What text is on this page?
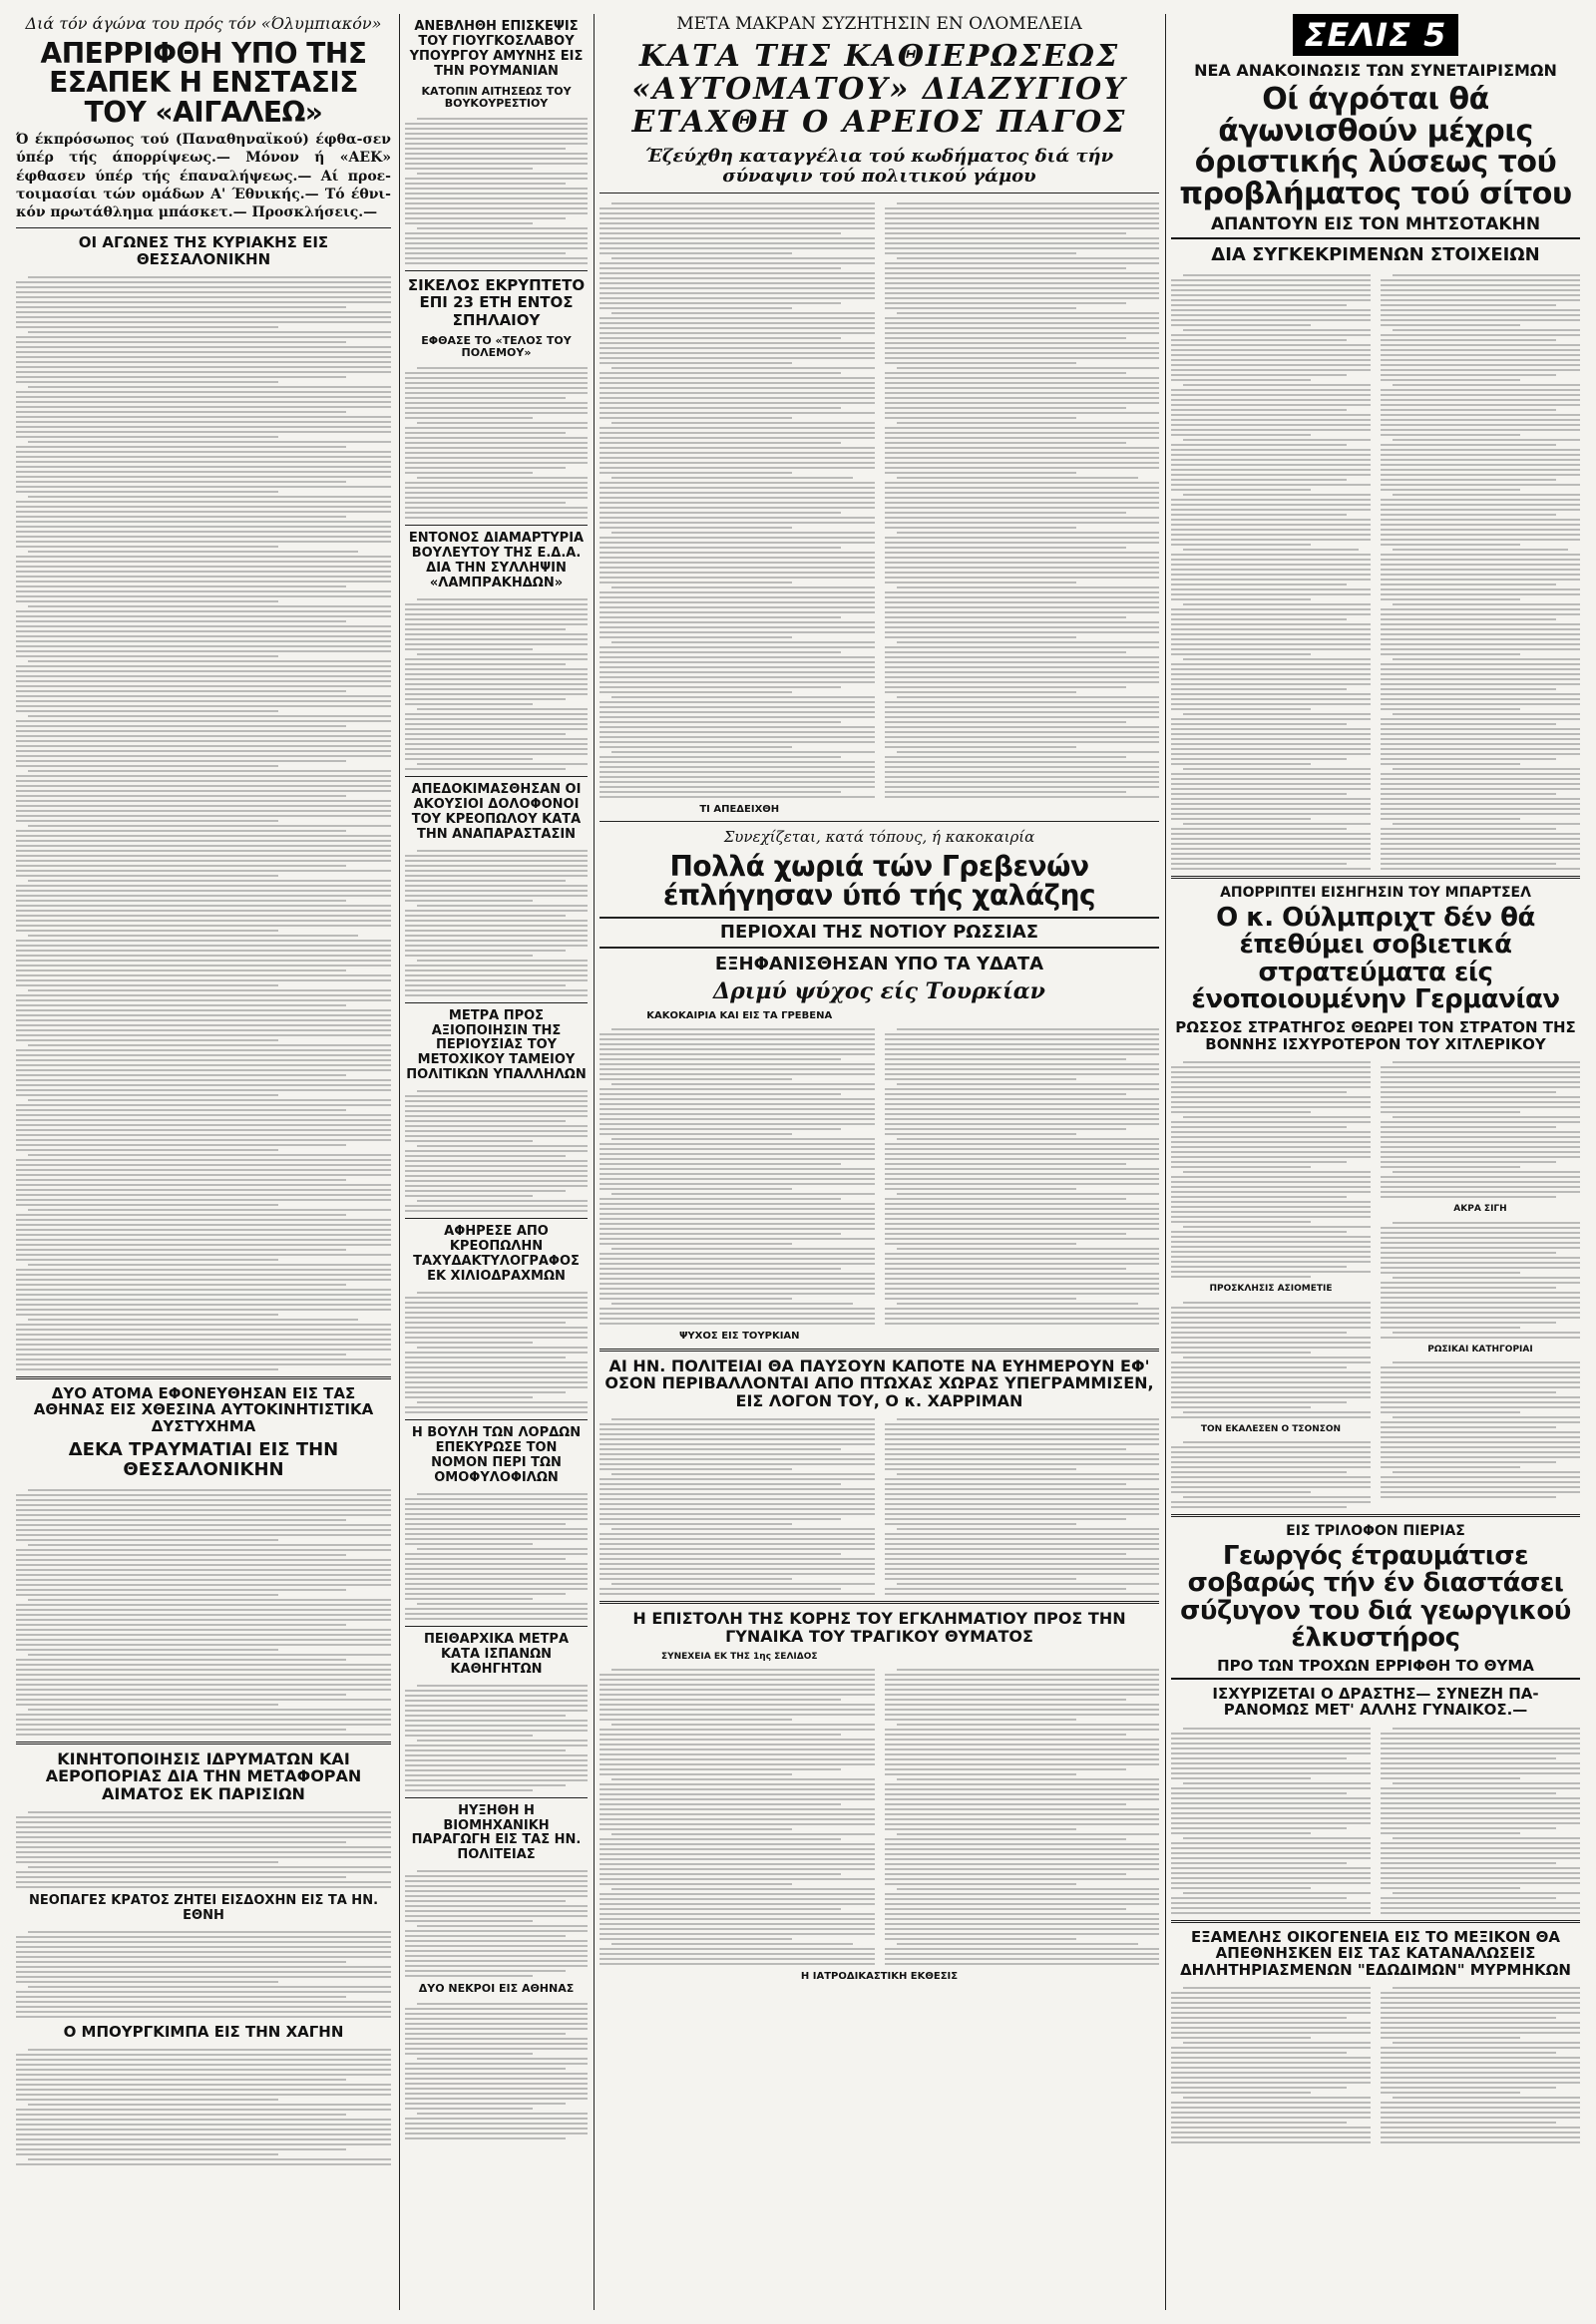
Διά τόν άγώνα του πρός τόν «Όλυμπιακόν»
ΑΠΕΡΡΙΦΘΗ ΥΠΟ ΤΗΣ ΕΣΑΠΕΚ Η ΕΝΣΤΑΣΙΣ ΤΟΥ «ΑΙΓΑΛΕΩ»
Ό έκπρόσωπος τού (Παναθηναϊκού) έφθα-σεν ύπέρ τής άπορρίψεως.— Μόνον ή «ΑΕΚ» έφθασεν ύπέρ τής έπαναλήψεως.— Αί προε-τοιμασίαι τών ομάδων Α' Έθνικής.— Τό έθνι-κόν πρωτάθλημα μπάσκετ.— Προσκλήσεις.—
ΟΙ ΑΓΩΝΕΣ ΤΗΣ ΚΥΡΙΑΚΗΣ ΕΙΣ ΘΕΣΣΑΛΟΝΙΚΗΝ
ΔΥΟ ΑΤΟΜΑ ΕΦΟΝΕΥΘΗΣΑΝ ΕΙΣ ΤΑΣ ΑΘΗΝΑΣ ΕΙΣ ΧΘΕΣΙΝΑ ΑΥΤΟΚΙΝΗΤΙΣΤΙΚΑ ΔΥΣΤΥΧΗΜΑ
ΔΕΚΑ ΤΡΑΥΜΑΤΙΑΙ ΕΙΣ ΤΗΝ ΘΕΣΣΑΛΟΝΙΚΗΝ
ΚΙΝΗΤΟΠΟΙΗΣΙΣ ΙΔΡΥΜΑΤΩΝ ΚΑΙ ΑΕΡΟΠΟΡΙΑΣ ΔΙΑ ΤΗΝ ΜΕΤΑΦΟΡΑΝ ΑΙΜΑΤΟΣ ΕΚ ΠΑΡΙΣΙΩΝ
ΝΕΟΠΑΓΕΣ ΚΡΑΤΟΣ ΖΗΤΕΙ ΕΙΣΔΟΧΗΝ ΕΙΣ ΤΑ ΗΝ. ΕΘΝΗ
Ο ΜΠΟΥΡΓΚΙΜΠΑ ΕΙΣ ΤΗΝ ΧΑΓΗΝ
ΑΝΕΒΛΗΘΗ ΕΠΙΣΚΕΨΙΣ ΤΟΥ ΓΙΟΥΓΚΟΣΛΑΒΟΥ ΥΠΟΥΡΓΟΥ ΑΜΥΝΗΣ ΕΙΣ ΤΗΝ ΡΟΥΜΑΝΙΑΝ
ΚΑΤΟΠΙΝ ΑΙΤΗΣΕΩΣ ΤΟΥ ΒΟΥΚΟΥΡΕΣΤΙΟΥ
ΣΙΚΕΛΟΣ ΕΚΡΥΠΤΕΤΟ ΕΠΙ 23 ΕΤΗ ΕΝΤΟΣ ΣΠΗΛΑΙΟΥ
ΕΦΘΑΣΕ ΤΟ «ΤΕΛΟΣ ΤΟΥ ΠΟΛΕΜΟΥ»
ΕΝΤΟΝΟΣ ΔΙΑΜΑΡΤΥΡΙΑ ΒΟΥΛΕΥΤΟΥ ΤΗΣ Ε.Δ.Α. ΔΙΑ ΤΗΝ ΣΥΛΛΗΨΙΝ «ΛΑΜΠΡΑΚΗΔΩΝ»
ΑΠΕΔΟΚΙΜΑΣΘΗΣΑΝ ΟΙ ΑΚΟΥΣΙΟΙ ΔΟΛΟΦΟΝΟΙ ΤΟΥ ΚΡΕΟΠΩΛΟΥ ΚΑΤΑ ΤΗΝ ΑΝΑΠΑΡΑΣΤΑΣΙΝ
ΜΕΤΡΑ ΠΡΟΣ ΑΞΙΟΠΟΙΗΣΙΝ ΤΗΣ ΠΕΡΙΟΥΣΙΑΣ ΤΟΥ ΜΕΤΟΧΙΚΟΥ ΤΑΜΕΙΟΥ ΠΟΛΙΤΙΚΩΝ ΥΠΑΛΛΗΛΩΝ
ΑΦΗΡΕΣΕ ΑΠΟ ΚΡΕΟΠΩΛΗΝ ΤΑΧΥΔΑΚΤΥΛΟΓΡΑΦΟΣ ΕΚ ΧΙΛΙΟΔΡΑΧΜΩΝ
Η ΒΟΥΛΗ ΤΩΝ ΛΟΡΔΩΝ ΕΠΕΚΥΡΩΣΕ ΤΟΝ ΝΟΜΟΝ ΠΕΡΙ ΤΩΝ ΟΜΟΦΥΛΟΦΙΛΩΝ
ΠΕΙΘΑΡΧΙΚΑ ΜΕΤΡΑ ΚΑΤΑ ΙΣΠΑΝΩΝ ΚΑΘΗΓΗΤΩΝ
ΗΥΞΗΘΗ Η ΒΙΟΜΗΧΑΝΙΚΗ ΠΑΡΑΓΩΓΗ ΕΙΣ ΤΑΣ ΗΝ. ΠΟΛΙΤΕΙΑΣ
ΔΥΟ ΝΕΚΡΟΙ ΕΙΣ ΑΘΗΝΑΣ
ΜΕΤΑ ΜΑΚΡΑΝ ΣΥΖΗΤΗΣΙΝ ΕΝ ΟΛΟΜΕΛΕΙΑ
ΚΑΤΑ ΤΗΣ ΚΑΘΙΕΡΩΣΕΩΣ «ΑΥΤΟΜΑΤΟΥ» ΔΙΑΖΥΓΙΟΥ ΕΤΑΧΘΗ Ο ΑΡΕΙΟΣ ΠΑΓΟΣ
Έζεύχθη καταγγέλια τού κωδήματος διά τήν σύναψιν τού πολιτικού γάμου
ΤΙ ΑΠΕΔΕΙΧΘΗ
Συνεχίζεται, κατά τόπους, ή κακοκαιρία
Πολλά χωριά τών Γρεβενών έπλήγησαν ύπό τής χαλάζης
ΠΕΡΙΟΧΑΙ ΤΗΣ ΝΟΤΙΟΥ ΡΩΣΣΙΑΣ
ΕΞΗΦΑΝΙΣΘΗΣΑΝ ΥΠΟ ΤΑ ΥΔΑΤΑ
Δριμύ ψύχος είς Τουρκίαν
ΚΑΚΟΚΑΙΡΙΑ ΚΑΙ ΕΙΣ ΤΑ ΓΡΕΒΕΝΑ
ΨΥΧΟΣ ΕΙΣ ΤΟΥΡΚΙΑΝ
ΑΙ ΗΝ. ΠΟΛΙΤΕΙΑΙ ΘΑ ΠΑΥΣΟΥΝ ΚΑΠΟΤΕ ΝΑ ΕΥΗΜΕΡΟΥΝ ΕΦ' ΟΣΟΝ ΠΕΡΙΒΑΛΛΟΝΤΑΙ ΑΠΟ ΠΤΩΧΑΣ ΧΩΡΑΣ ΥΠΕΓΡΑΜΜΙΣΕΝ, ΕΙΣ ΛΟΓΟΝ ΤΟΥ, Ο κ. ΧΑΡΡΙΜΑΝ
Η ΕΠΙΣΤΟΛΗ ΤΗΣ ΚΟΡΗΣ ΤΟΥ ΕΓΚΛΗΜΑΤΙΟΥ ΠΡΟΣ ΤΗΝ ΓΥΝΑΙΚΑ ΤΟΥ ΤΡΑΓΙΚΟΥ ΘΥΜΑΤΟΣ
ΣΥΝΕΧΕΙΑ ΕΚ ΤΗΣ 1ης ΣΕΛΙΔΟΣ
Η ΙΑΤΡΟΔΙΚΑΣΤΙΚΗ ΕΚΘΕΣΙΣ
ΣΕΛΙΣ 5
ΝΕΑ ΑΝΑΚΟΙΝΩΣΙΣ ΤΩΝ ΣΥΝΕΤΑΙΡΙΣΜΩΝ
Οί άγρόται θά άγωνισθούν μέχρις όριστικής λύσεως τού προβλήματος τού σίτου
ΑΠΑΝΤΟΥΝ ΕΙΣ ΤΟΝ ΜΗΤΣΟΤΑΚΗΝ
ΔΙΑ ΣΥΓΚΕΚΡΙΜΕΝΩΝ ΣΤΟΙΧΕΙΩΝ
ΑΠΟΡΡΙΠΤΕΙ ΕΙΣΗΓΗΣΙΝ ΤΟΥ ΜΠΑΡΤΣΕΛ
Ο κ. Ούλμπριχτ δέν θά έπεθύμει σοβιετικά στρατεύματα είς ένοποιουμένην Γερμανίαν
ΡΩΣΣΟΣ ΣΤΡΑΤΗΓΟΣ ΘΕΩΡΕΙ ΤΟΝ ΣΤΡΑΤΟΝ ΤΗΣ ΒΟΝΝΗΣ ΙΣΧΥΡΟΤΕΡΟΝ ΤΟΥ ΧΙΤΛΕΡΙΚΟΥ
ΠΡΟΣΚΛΗΣΙΣ ΑΣΙΟΜΕΤΙΕ
ΤΟΝ ΕΚΑΛΕΣΕΝ Ο ΤΣΟΝΣΟΝ
ΑΚΡΑ ΣΙΓΗ
ΡΩΣΙΚΑΙ ΚΑΤΗΓΟΡΙΑΙ
ΕΙΣ ΤΡΙΛΟΦΟΝ ΠΙΕΡΙΑΣ
Γεωργός έτραυμάτισε σοβαρώς τήν έν διαστάσει σύζυγον του διά γεωργικού έλκυστήρος
ΠΡΟ ΤΩΝ ΤΡΟΧΩΝ ΕΡΡΙΦΘΗ ΤΟ ΘΥΜΑ
ΙΣΧΥΡΙΖΕΤΑΙ Ο ΔΡΑΣΤΗΣ— ΣΥΝΕΖΗ ΠΑ-ΡΑΝΟΜΩΣ ΜΕΤ' ΑΛΛΗΣ ΓΥΝΑΙΚΟΣ.—
ΕΞΑΜΕΛΗΣ ΟΙΚΟΓΕΝΕΙΑ ΕΙΣ ΤΟ ΜΕΞΙΚΟΝ ΘΑ ΑΠΕΘΝΗΣΚΕΝ ΕΙΣ ΤΑΣ ΚΑΤΑΝΑΛΩΣΕΙΣ ΔΗΛΗΤΗΡΙΑΣΜΕΝΩΝ "ΕΔΩΔΙΜΩΝ" ΜΥΡΜΗΚΩΝ
